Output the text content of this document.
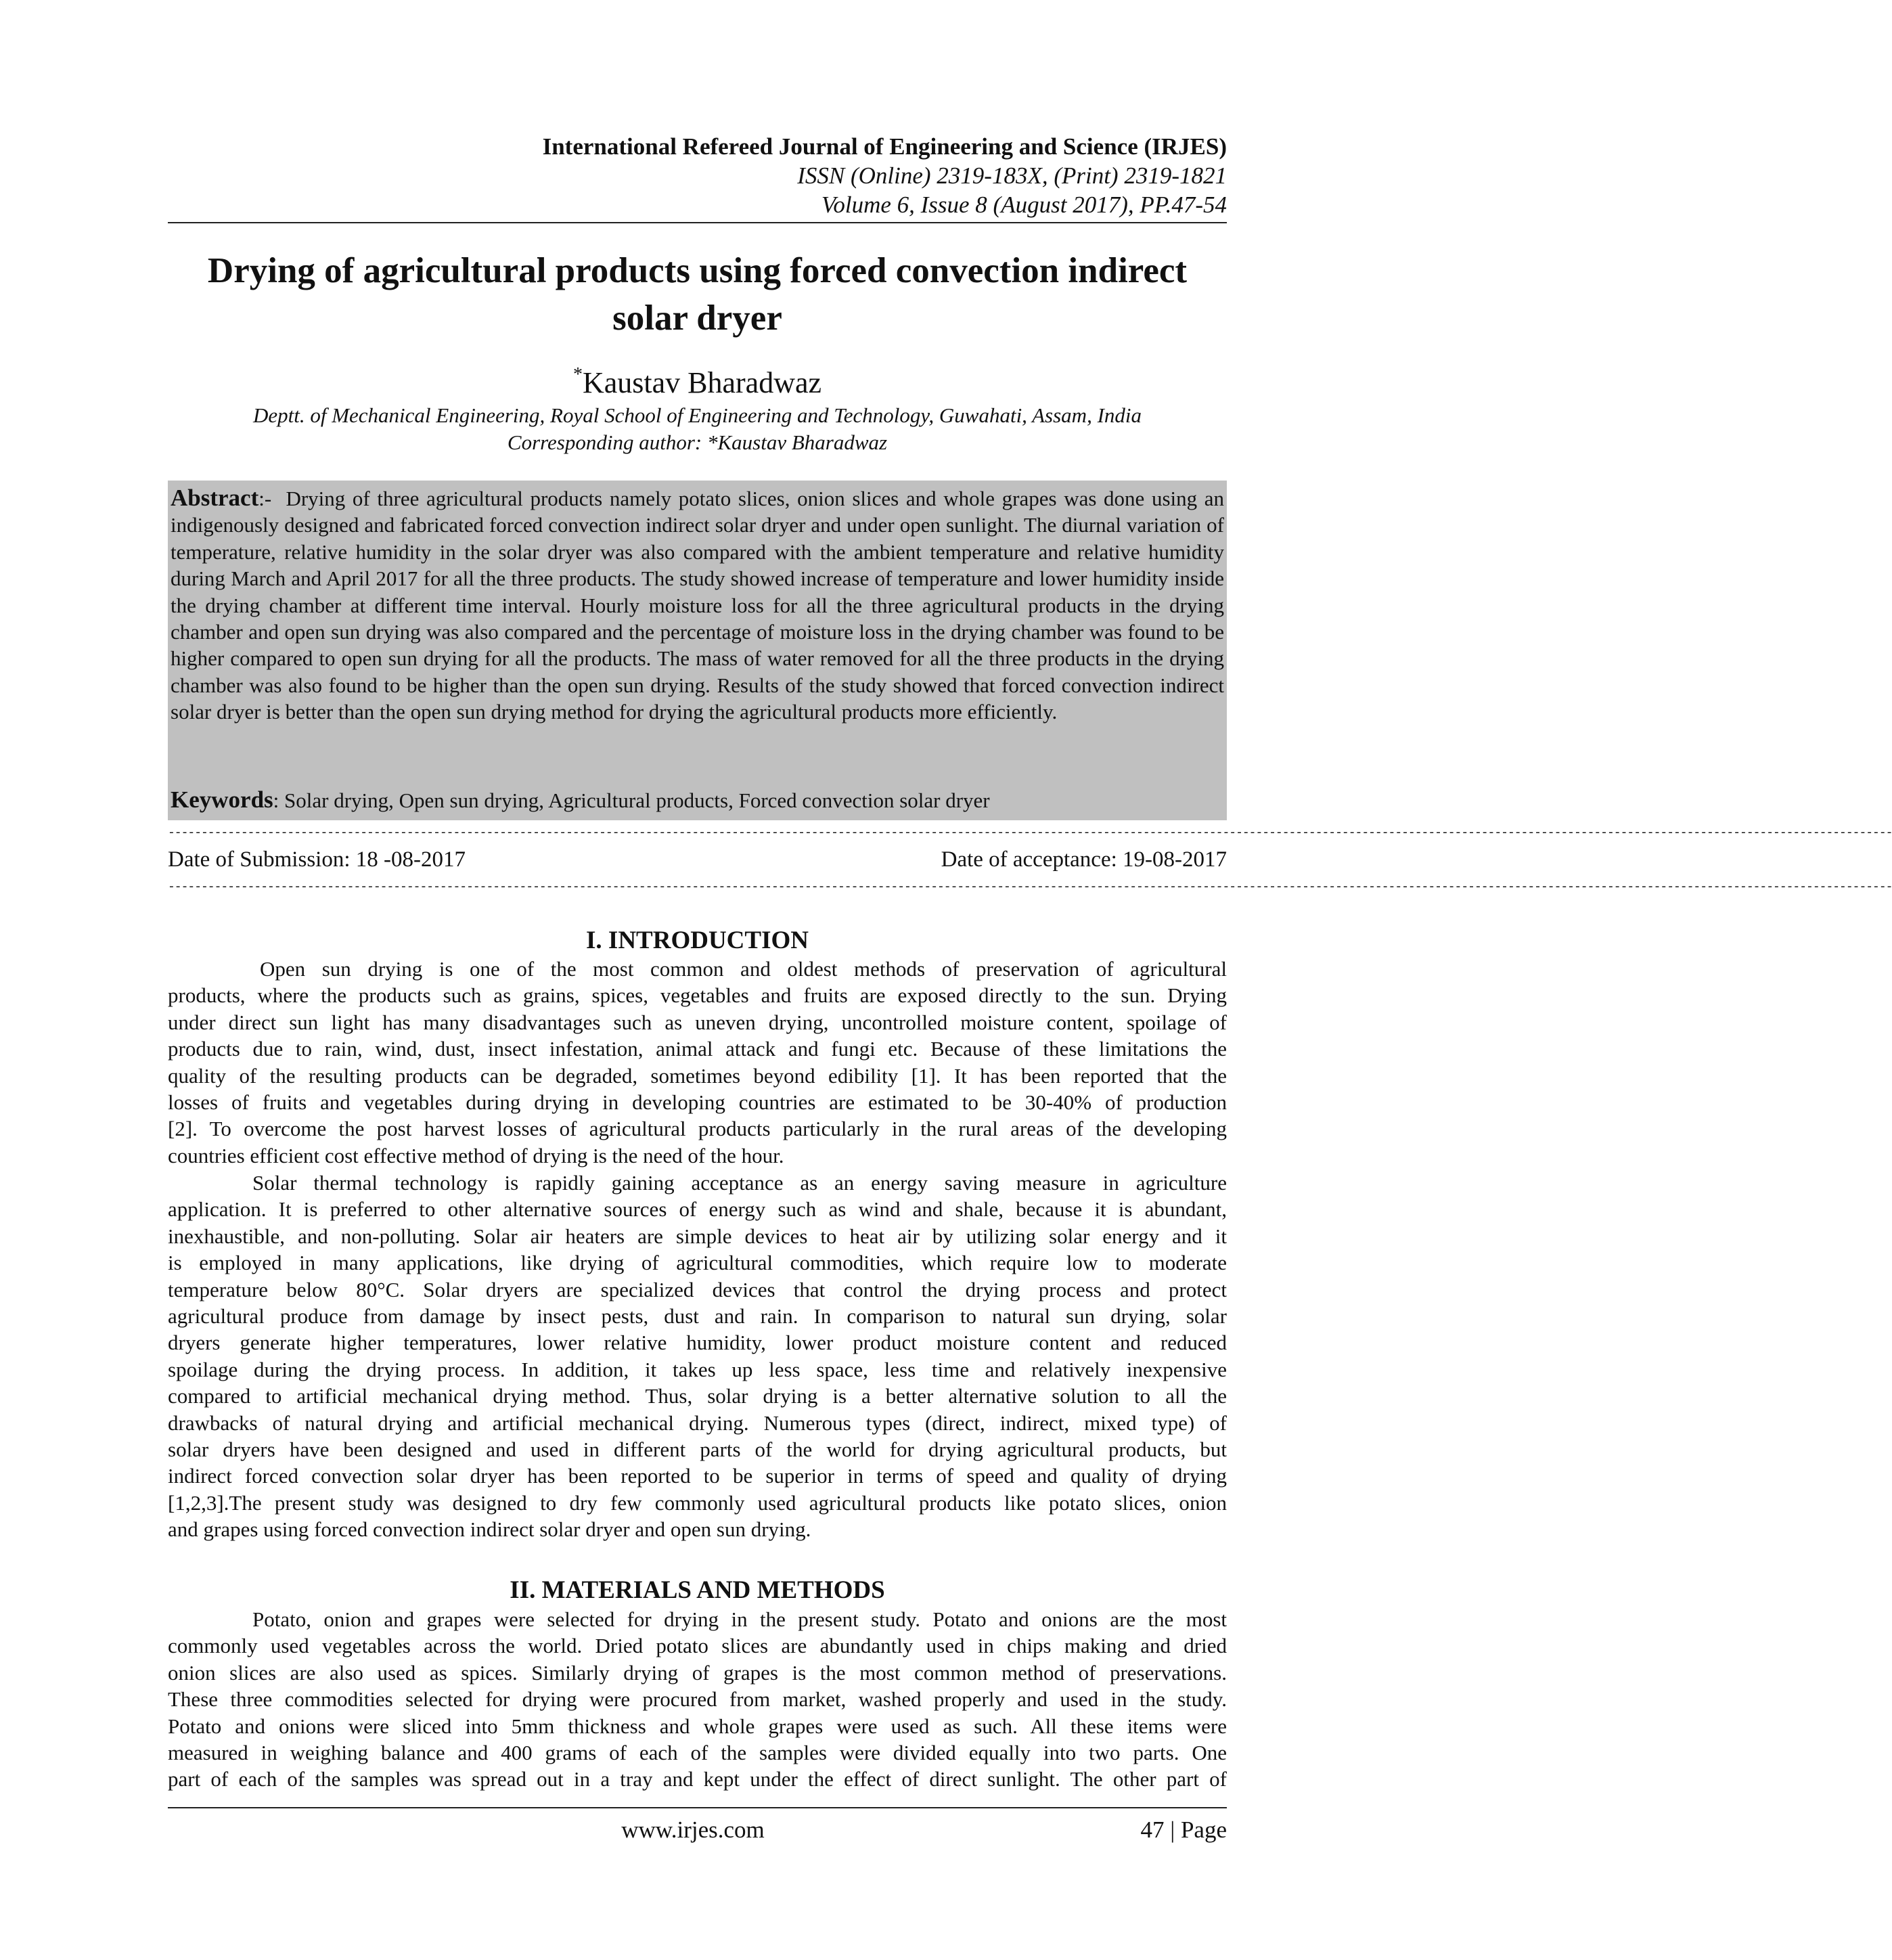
International Refereed Journal of Engineering and Science (IRJES)
ISSN (Online) 2319-183X, (Print) 2319-1821
Volume 6, Issue 8 (August 2017), PP.47-54
Drying of agricultural products using forced convection indirect
solar dryer
*Kaustav Bharadwaz
Deptt. of Mechanical Engineering, Royal School of Engineering and Technology, Guwahati, Assam, India
Corresponding author: *Kaustav Bharadwaz
Abstract:- Drying of three agricultural products namely potato slices, onion slices and whole grapes was done using an indigenously designed and fabricated forced convection indirect solar dryer and under open sunlight. The diurnal variation of temperature, relative humidity in the solar dryer was also compared with the ambient temperature and relative humidity during March and April 2017 for all the three products. The study showed increase of temperature and lower humidity inside the drying chamber at different time interval. Hourly moisture loss for all the three agricultural products in the drying chamber and open sun drying was also compared and the percentage of moisture loss in the drying chamber was found to be higher compared to open sun drying for all the products. The mass of water removed for all the three products in the drying chamber was also found to be higher than the open sun drying. Results of the study showed that forced convection indirect solar dryer is better than the open sun drying method for drying the agricultural products more efficiently.
Keywords: Solar drying, Open sun drying, Agricultural products, Forced convection solar dryer
--------------------------------------------------------------------------------------------------------------------------------------------------------------------------------------------------------------------------------------------------------------------
Date of Submission: 18 -08-2017	Date of acceptance: 19-08-2017
--------------------------------------------------------------------------------------------------------------------------------------------------------------------------------------------------------------------------------------------------------------------
I. INTRODUCTION
Open sun drying is one of the most common and oldest methods of preservation of agricultural
products, where the products such as grains, spices, vegetables and fruits are exposed directly to the sun. Drying
under direct sun light has many disadvantages such as uneven drying, uncontrolled moisture content, spoilage of
products due to rain, wind, dust, insect infestation, animal attack and fungi etc. Because of these limitations the
quality of the resulting products can be degraded, sometimes beyond edibility [1]. It has been reported that the
losses of fruits and vegetables during drying in developing countries are estimated to be 30-40% of production
[2]. To overcome the post harvest losses of agricultural products particularly in the rural areas of the developing
countries efficient cost effective method of drying is the need of the hour.
Solar thermal technology is rapidly gaining acceptance as an energy saving measure in agriculture
application. It is preferred to other alternative sources of energy such as wind and shale, because it is abundant,
inexhaustible, and non-polluting. Solar air heaters are simple devices to heat air by utilizing solar energy and it
is employed in many applications, like drying of agricultural commodities, which require low to moderate
temperature below 80°C. Solar dryers are specialized devices that control the drying process and protect
agricultural produce from damage by insect pests, dust and rain. In comparison to natural sun drying, solar
dryers generate higher temperatures, lower relative humidity, lower product moisture content and reduced
spoilage during the drying process. In addition, it takes up less space, less time and relatively inexpensive
compared to artificial mechanical drying method. Thus, solar drying is a better alternative solution to all the
drawbacks of natural drying and artificial mechanical drying. Numerous types (direct, indirect, mixed type) of
solar dryers have been designed and used in different parts of the world for drying agricultural products, but
indirect forced convection solar dryer has been reported to be superior in terms of speed and quality of drying
[1,2,3].The present study was designed to dry few commonly used agricultural products like potato slices, onion
and grapes using forced convection indirect solar dryer and open sun drying.
II. MATERIALS AND METHODS
Potato, onion and grapes were selected for drying in the present study. Potato and onions are the most
commonly used vegetables across the world. Dried potato slices are abundantly used in chips making and dried
onion slices are also used as spices. Similarly drying of grapes is the most common method of preservations.
These three commodities selected for drying were procured from market, washed properly and used in the study.
Potato and onions were sliced into 5mm thickness and whole grapes were used as such. All these items were
measured in weighing balance and 400 grams of each of the samples were divided equally into two parts. One
part of each of the samples was spread out in a tray and kept under the effect of direct sunlight. The other part of
www.irjes.com	47 | Page
